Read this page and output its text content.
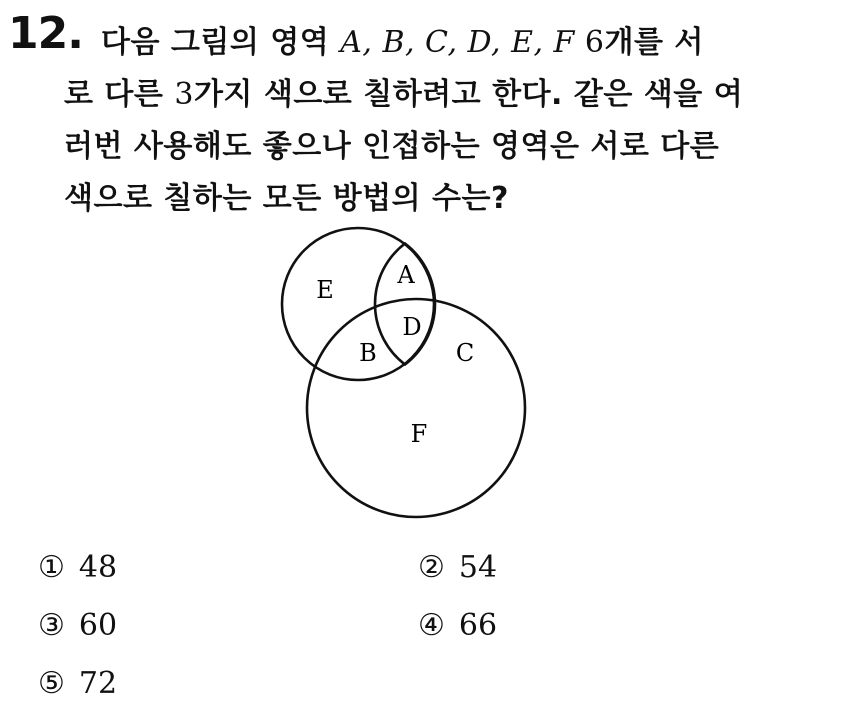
12. 다음 그림의 영역 A, B, C, D, E, F 6개를 서
로 다른 3가지 색으로 칠하려고 한다. 같은 색을 여
러번 사용해도 좋으나 인접하는 영역은 서로 다른
색으로 칠하는 모든 방법의 수는?
E
A
D
B	C
F
① 48	② 54
③ 60	④ 66
⑤ 72
